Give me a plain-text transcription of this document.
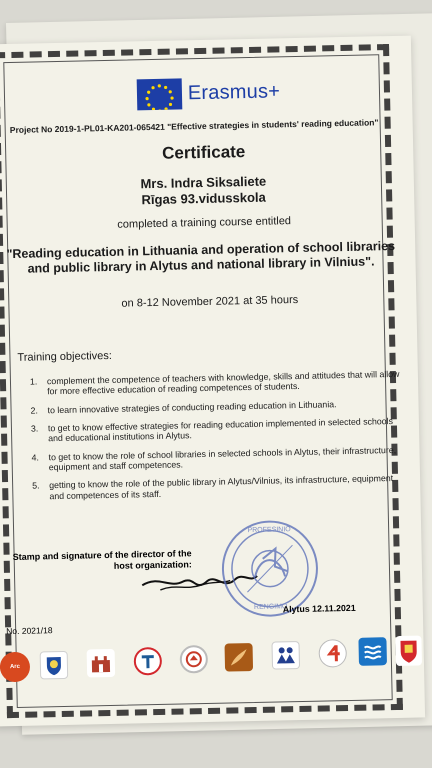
Erasmus+
Project No 2019-1-PL01-KA201-065421 "Effective strategies in students' reading education"
Certificate
Mrs. Indra Siksaliete
Rīgas 93.vidusskola
completed a training course entitled
"Reading education in Lithuania and operation of school libraries and public library in Alytus and national library in Vilnius".
on 8-12 November 2021 at 35 hours
Training objectives:
1.	complement the competence of teachers with knowledge, skills and attitudes that will allow for more effective education of reading competences of students.
2.	to learn innovative strategies of conducting reading education in Lithuania.
3.	to get to know effective strategies for reading education implemented in selected schools and educational institutions in Alytus.
4.	to get to know the role of school libraries in selected schools in Alytus, their infrastructure, equipment and staff competences.
5.	getting to know the role of the public library in Alytus/Vilnius, its infrastructure, equipment and competences of its staff.
Stamp and signature of the director of the host organization:
PROFESINIO
RENGIMO
Alytus 12.11.2021
No. 2021/18
Arc
